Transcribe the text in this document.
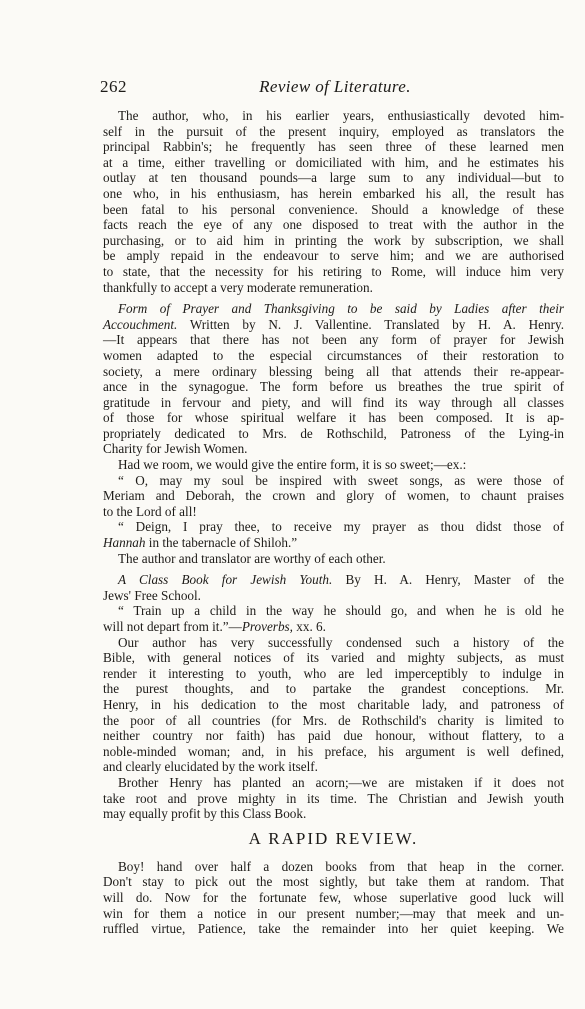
262	Review of Literature.
The author, who, in his earlier years, enthusiastically devoted him-
self in the pursuit of the present inquiry, employed as translators the
principal Rabbin's; he frequently has seen three of these learned men
at a time, either travelling or domiciliated with him, and he estimates his
outlay at ten thousand pounds—a large sum to any individual—but to
one who, in his enthusiasm, has herein embarked his all, the result has
been fatal to his personal convenience. Should a knowledge of these
facts reach the eye of any one disposed to treat with the author in the
purchasing, or to aid him in printing the work by subscription, we shall
be amply repaid in the endeavour to serve him; and we are authorised
to state, that the necessity for his retiring to Rome, will induce him very
thankfully to accept a very moderate remuneration.
Form of Prayer and Thanksgiving to be said by Ladies after their
Accouchment. Written by N. J. Vallentine. Translated by H. A. Henry.
—It appears that there has not been any form of prayer for Jewish
women adapted to the especial circumstances of their restoration to
society, a mere ordinary blessing being all that attends their re-appear-
ance in the synagogue. The form before us breathes the true spirit of
gratitude in fervour and piety, and will find its way through all classes
of those for whose spiritual welfare it has been composed. It is ap-
propriately dedicated to Mrs. de Rothschild, Patroness of the Lying-in
Charity for Jewish Women.
Had we room, we would give the entire form, it is so sweet;—ex.:
“ O, may my soul be inspired with sweet songs, as were those of
Meriam and Deborah, the crown and glory of women, to chaunt praises
to the Lord of all!
“ Deign, I pray thee, to receive my prayer as thou didst those of
Hannah in the tabernacle of Shiloh.”
The author and translator are worthy of each other.
A Class Book for Jewish Youth. By H. A. Henry, Master of the
Jews' Free School.
“ Train up a child in the way he should go, and when he is old he
will not depart from it.”—Proverbs, xx. 6.
Our author has very successfully condensed such a history of the
Bible, with general notices of its varied and mighty subjects, as must
render it interesting to youth, who are led imperceptibly to indulge in
the purest thoughts, and to partake the grandest conceptions. Mr.
Henry, in his dedication to the most charitable lady, and patroness of
the poor of all countries (for Mrs. de Rothschild's charity is limited to
neither country nor faith) has paid due honour, without flattery, to a
noble-minded woman; and, in his preface, his argument is well defined,
and clearly elucidated by the work itself.
Brother Henry has planted an acorn;—we are mistaken if it does not
take root and prove mighty in its time. The Christian and Jewish youth
may equally profit by this Class Book.
A RAPID REVIEW.
Boy! hand over half a dozen books from that heap in the corner.
Don't stay to pick out the most sightly, but take them at random. That
will do. Now for the fortunate few, whose superlative good luck will
win for them a notice in our present number;—may that meek and un-
ruffled virtue, Patience, take the remainder into her quiet keeping. We
